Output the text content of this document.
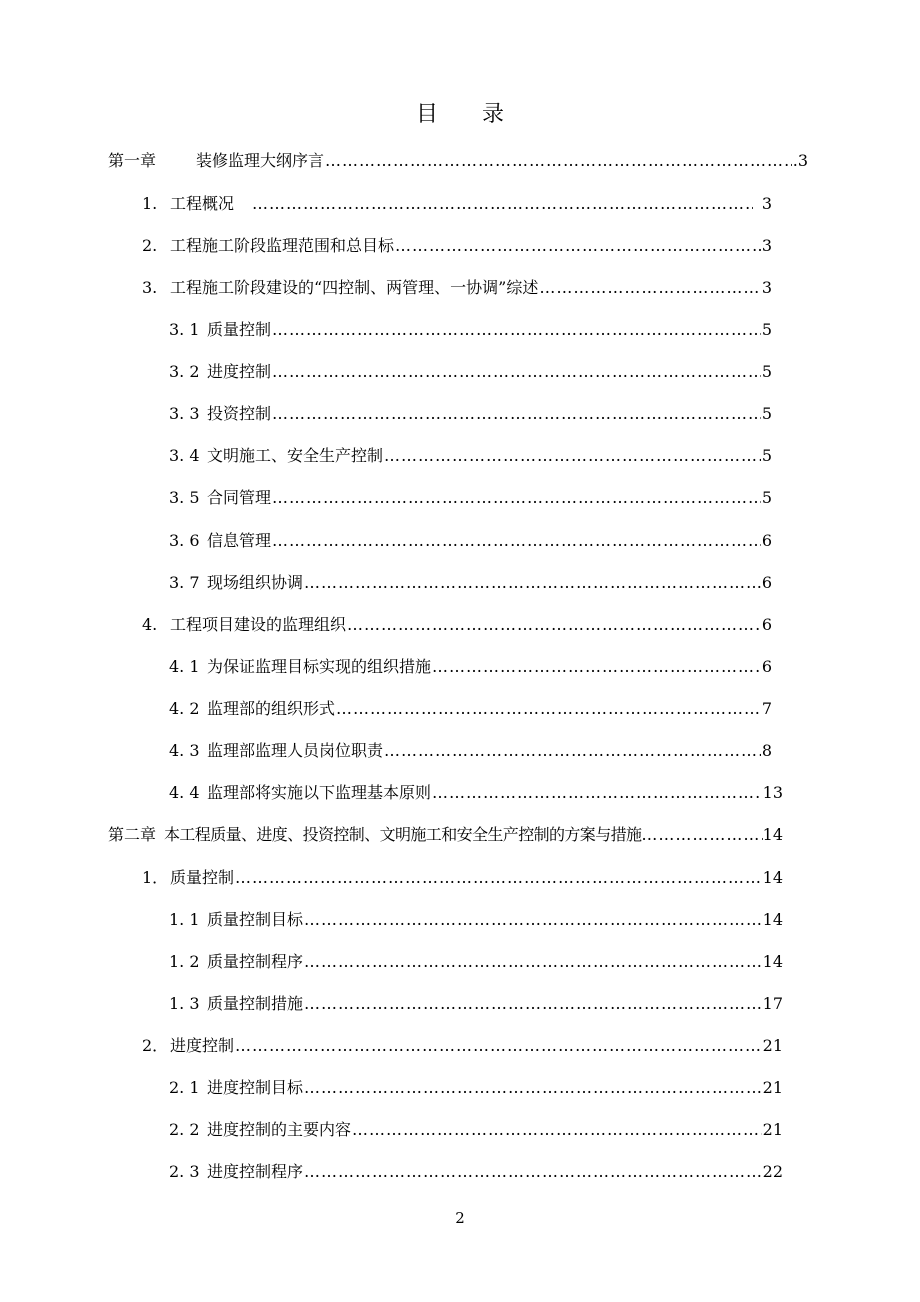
目 录
第一章	装修监理大纲序言 ……………………………………………………………………………………………………………………………………………………………………………………………	.3
1. 工程概况 ……………………………………………………………………………………………………………………………………………………………………………………………	3
2. 工程施工阶段监理范围和总目标 ……………………………………………………………………………………………………………………………………………………………………………………………	3
3. 工程施工阶段建设的“四控制、两管理、一协调”综述 ……………………………………………………………………………………………………………………………………………………………………………………………	3
3. 1 质量控制 ……………………………………………………………………………………………………………………………………………………………………………………………	5
3. 2 进度控制 ……………………………………………………………………………………………………………………………………………………………………………………………	5
3. 3 投资控制 ……………………………………………………………………………………………………………………………………………………………………………………………	5
3. 4 文明施工、安全生产控制 ……………………………………………………………………………………………………………………………………………………………………………………………	5
3. 5 合同管理 ……………………………………………………………………………………………………………………………………………………………………………………………	5
3. 6 信息管理 ……………………………………………………………………………………………………………………………………………………………………………………………	6
3. 7 现场组织协调 ……………………………………………………………………………………………………………………………………………………………………………………………	6
4. 工程项目建设的监理组织 ……………………………………………………………………………………………………………………………………………………………………………………………	6
4. 1 为保证监理目标实现的组织措施 ……………………………………………………………………………………………………………………………………………………………………………………………	6
4. 2 监理部的组织形式 ……………………………………………………………………………………………………………………………………………………………………………………………	7
4. 3 监理部监理人员岗位职责 ……………………………………………………………………………………………………………………………………………………………………………………………	8
4. 4 监理部将实施以下监理基本原则 ……………………………………………………………………………………………………………………………………………………………………………………………	13
第二章 本工程质量、进度、投资控制、文明施工和安全生产控制的方案与措施 ……………………………………………………………………………………………………………………………………………………………………………………………	14
1． 质量控制 ……………………………………………………………………………………………………………………………………………………………………………………………	14
1. 1 质量控制目标 ……………………………………………………………………………………………………………………………………………………………………………………………	14
1. 2 质量控制程序 ……………………………………………………………………………………………………………………………………………………………………………………………	14
1. 3 质量控制措施 ……………………………………………………………………………………………………………………………………………………………………………………………	17
2． 进度控制 ……………………………………………………………………………………………………………………………………………………………………………………………	21
2. 1 进度控制目标 ……………………………………………………………………………………………………………………………………………………………………………………………	21
2. 2 进度控制的主要内容 ……………………………………………………………………………………………………………………………………………………………………………………………	21
2. 3 进度控制程序 ……………………………………………………………………………………………………………………………………………………………………………………………	22
2
